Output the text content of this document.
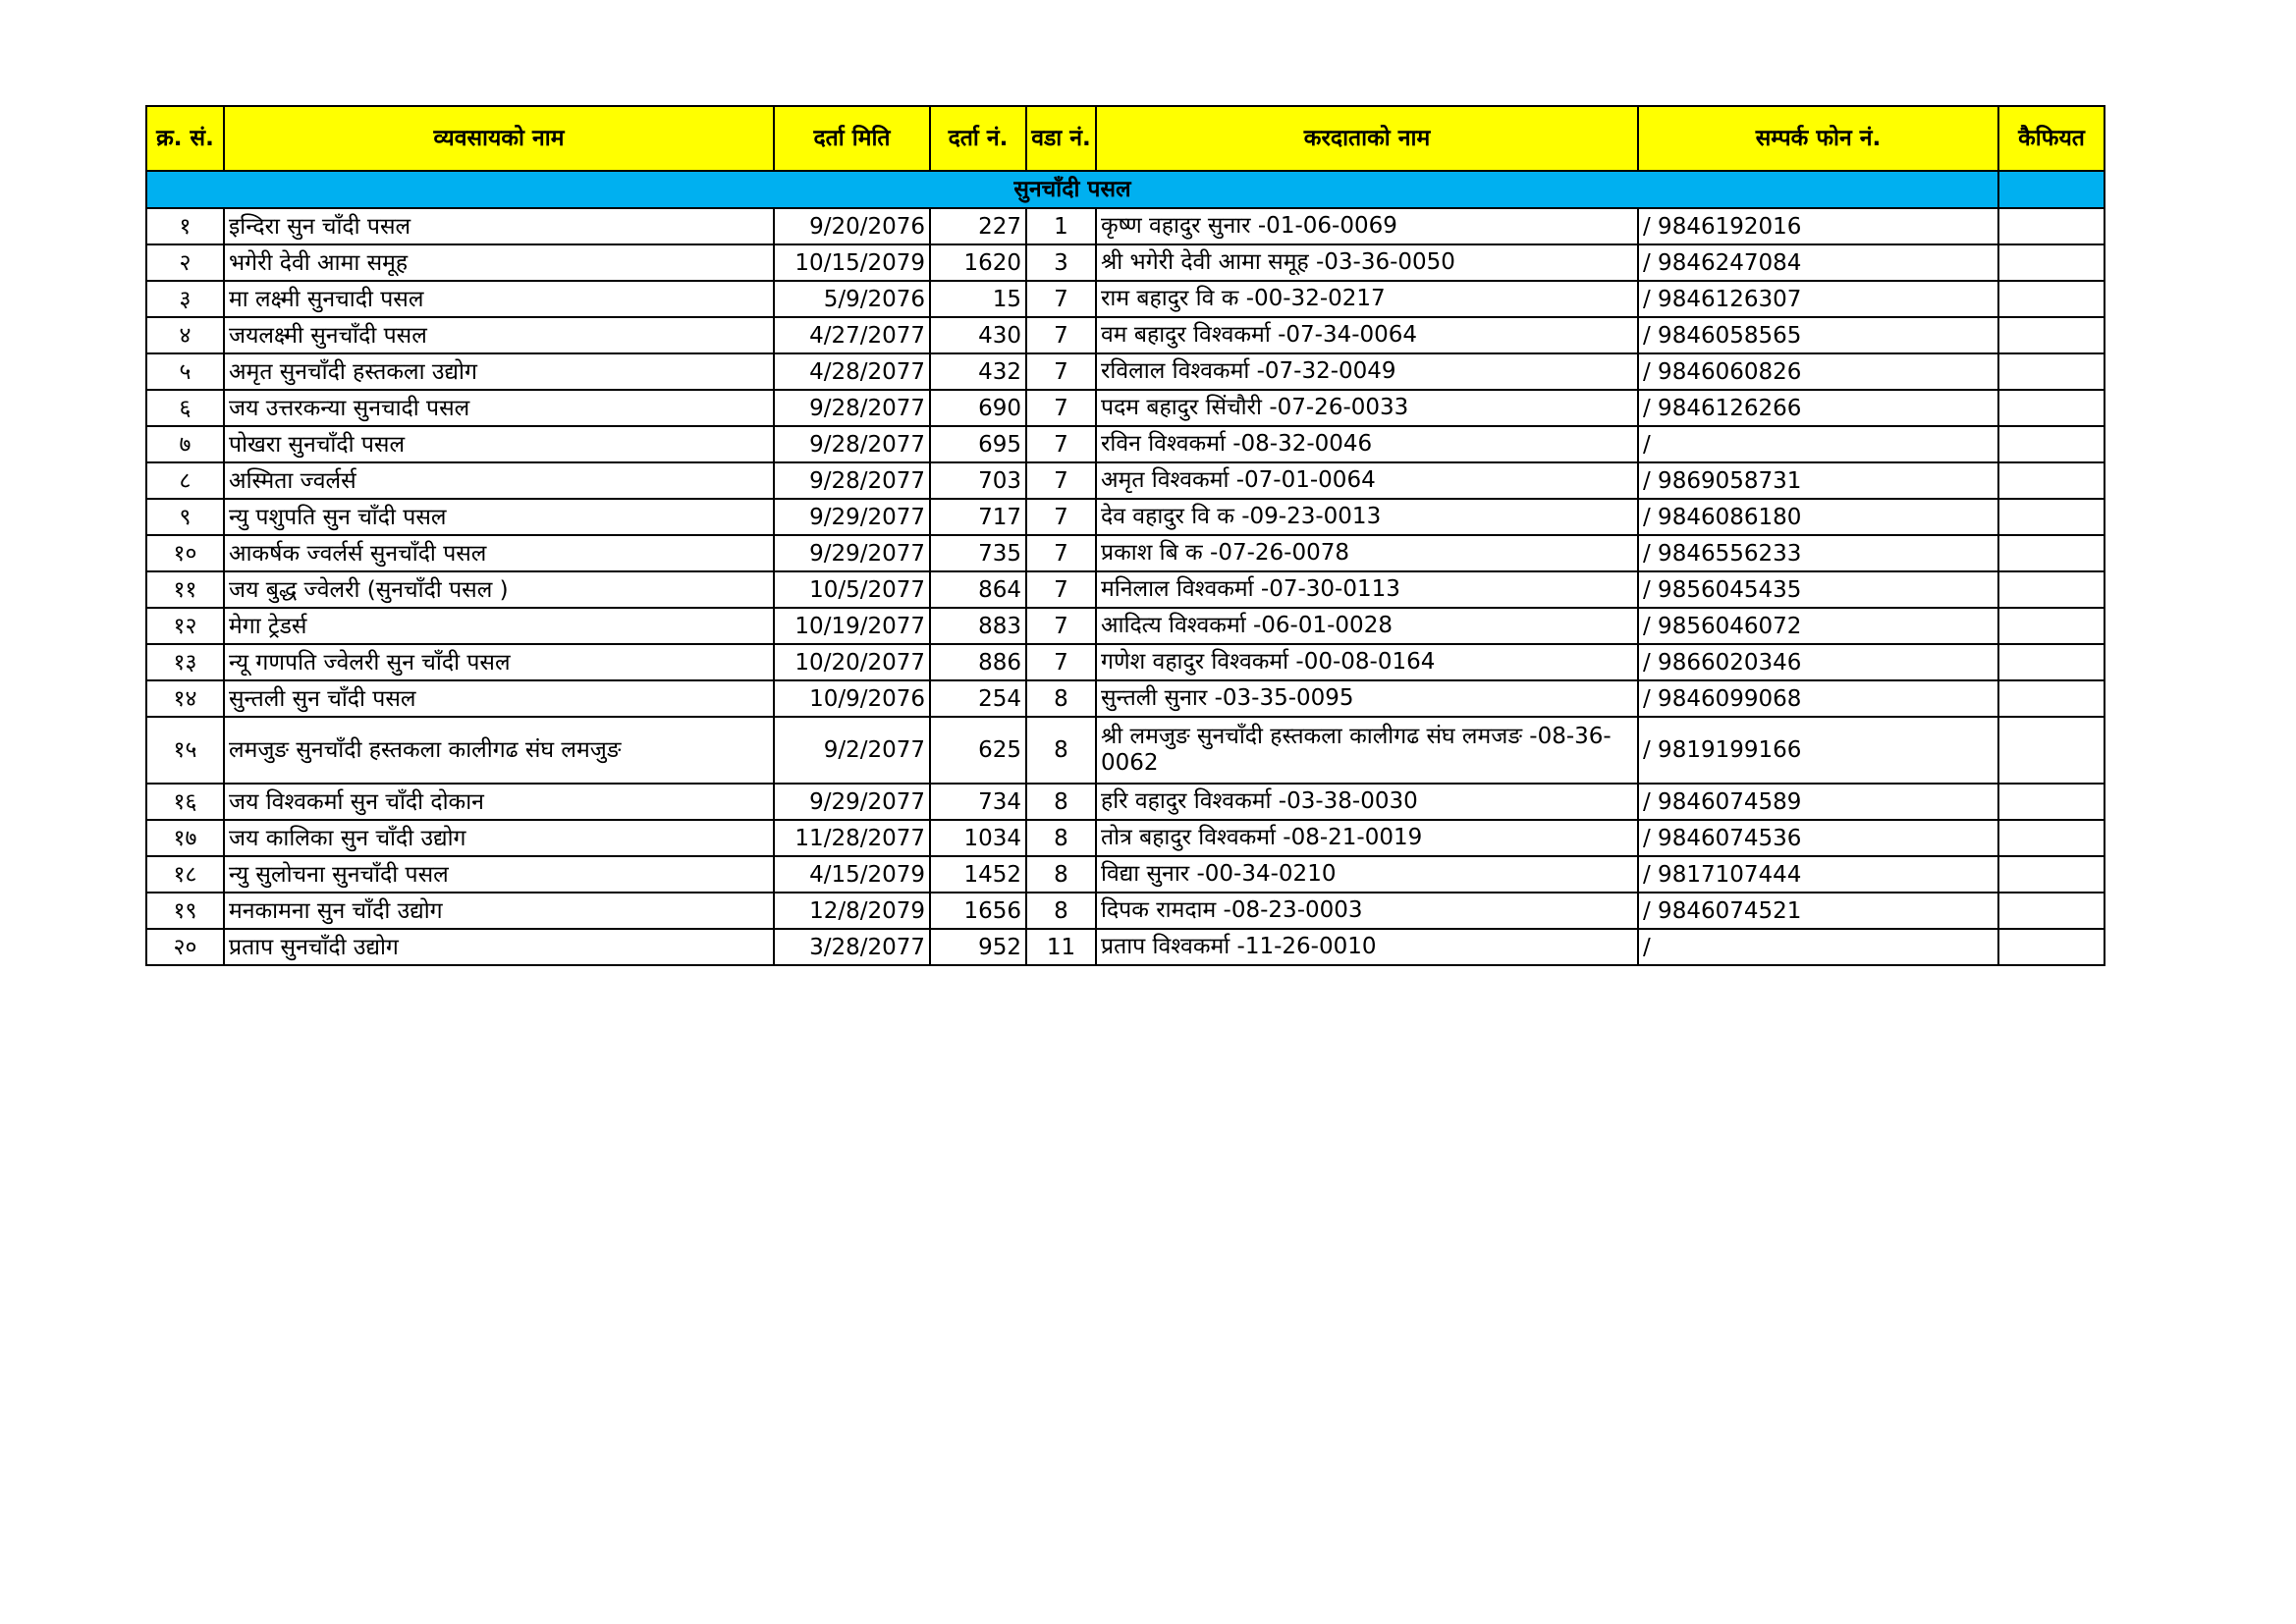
क्र. सं.	व्यवसायको नाम	दर्ता मिति	दर्ता नं.	वडा नं.	करदाताको नाम	सम्पर्क फोन नं.	कैफियत
सुनचाँदी पसल							
१	इन्दिरा सुन चाँदी पसल	9/20/2076	227	1	कृष्ण वहादुर सुनार -01-06-0069	/ 9846192016	
२	भगेरी देवी आमा समूह	10/15/2079	1620	3	श्री भगेरी देवी आमा समूह -03-36-0050	/ 9846247084	
३	मा लक्ष्मी सुनचादी पसल	5/9/2076	15	7	राम बहादुर वि क -00-32-0217	/ 9846126307	
४	जयलक्ष्मी सुनचाँदी पसल	4/27/2077	430	7	वम बहादुर विश्वकर्मा -07-34-0064	/ 9846058565	
५	अमृत सुनचाँदी हस्तकला उद्योग	4/28/2077	432	7	रविलाल विश्वकर्मा -07-32-0049	/ 9846060826	
६	जय उत्तरकन्या सुनचादी पसल	9/28/2077	690	7	पदम बहादुर सिंचौरी -07-26-0033	/ 9846126266	
७	पोखरा सुनचाँदी पसल	9/28/2077	695	7	रविन विश्वकर्मा -08-32-0046	/	
८	अस्मिता ज्वर्लर्स	9/28/2077	703	7	अमृत विश्वकर्मा -07-01-0064	/ 9869058731	
९	न्यु पशुपति सुन चाँदी पसल	9/29/2077	717	7	देव वहादुर वि क -09-23-0013	/ 9846086180	
१०	आकर्षक ज्वर्लर्स सुनचाँदी पसल	9/29/2077	735	7	प्रकाश बि क -07-26-0078	/ 9846556233	
११	जय बुद्ध ज्वेलरी (सुनचाँदी पसल )	10/5/2077	864	7	मनिलाल विश्वकर्मा -07-30-0113	/ 9856045435	
१२	मेगा ट्रेडर्स	10/19/2077	883	7	आदित्य विश्वकर्मा -06-01-0028	/ 9856046072	
१३	न्यू गणपति ज्वेलरी सुन चाँदी पसल	10/20/2077	886	7	गणेश वहादुर विश्वकर्मा -00-08-0164	/ 9866020346	
१४	सुन्तली सुन चाँदी पसल	10/9/2076	254	8	सुन्तली सुनार -03-35-0095	/ 9846099068	
१५	लमजुङ सुनचाँदी हस्तकला कालीगढ संघ लमजुङ	9/2/2077	625	8	श्री लमजुङ सुनचाँदी हस्तकला कालीगढ संघ लमजङ -08-36-0062	/ 9819199166	
१६	जय विश्वकर्मा सुन चाँदी दोकान	9/29/2077	734	8	हरि वहादुर विश्वकर्मा -03-38-0030	/ 9846074589	
१७	जय कालिका सुन चाँदी उद्योग	11/28/2077	1034	8	तोत्र बहादुर विश्वकर्मा -08-21-0019	/ 9846074536	
१८	न्यु सुलोचना सुनचाँदी पसल	4/15/2079	1452	8	विद्या सुनार -00-34-0210	/ 9817107444	
१९	मनकामना सुन चाँदी उद्योग	12/8/2079	1656	8	दिपक रामदाम -08-23-0003	/ 9846074521	
२०	प्रताप सुनचाँदी उद्योग	3/28/2077	952	11	प्रताप विश्वकर्मा -11-26-0010	/	
